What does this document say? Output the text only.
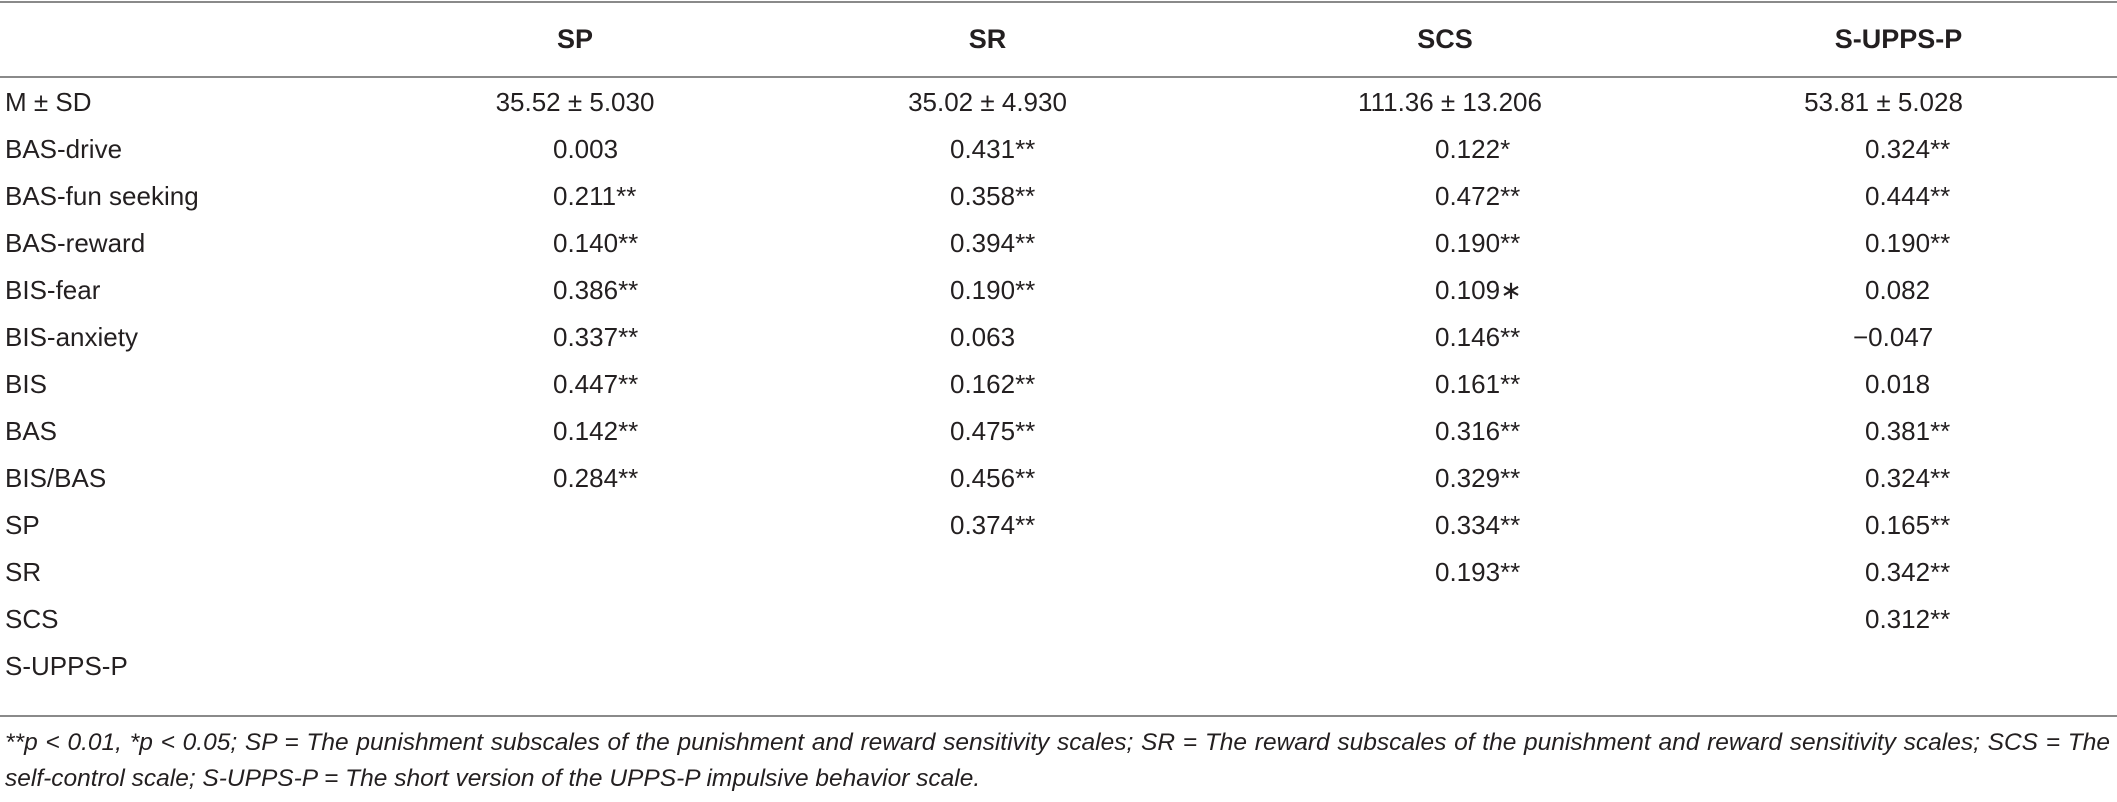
	SP	SR	SCS	S-UPPS-P
M ± SD	35.52 ± 5.030	35.02 ± 4.930	111.36 ± 13.206	53.81 ± 5.028
BAS-drive	0.003	0.431**	0.122*	0.324**
BAS-fun seeking	0.211**	0.358**	0.472**	0.444**
BAS-reward	0.140**	0.394**	0.190**	0.190**
BIS-fear	0.386**	0.190**	0.109∗	0.082
BIS-anxiety	0.337**	0.063	0.146**	−0.047
BIS	0.447**	0.162**	0.161**	0.018
BAS	0.142**	0.475**	0.316**	0.381**
BIS/BAS	0.284**	0.456**	0.329**	0.324**
SP		0.374**	0.334**	0.165**
SR			0.193**	0.342**
SCS				0.312**
S-UPPS-P				
**p < 0.01, *p < 0.05; SP = The punishment subscales of the punishment and reward sensitivity scales; SR = The reward subscales of the punishment and reward sensitivity scales; SCS = The self-control scale; S-UPPS-P = The short version of the UPPS-P impulsive behavior scale.
